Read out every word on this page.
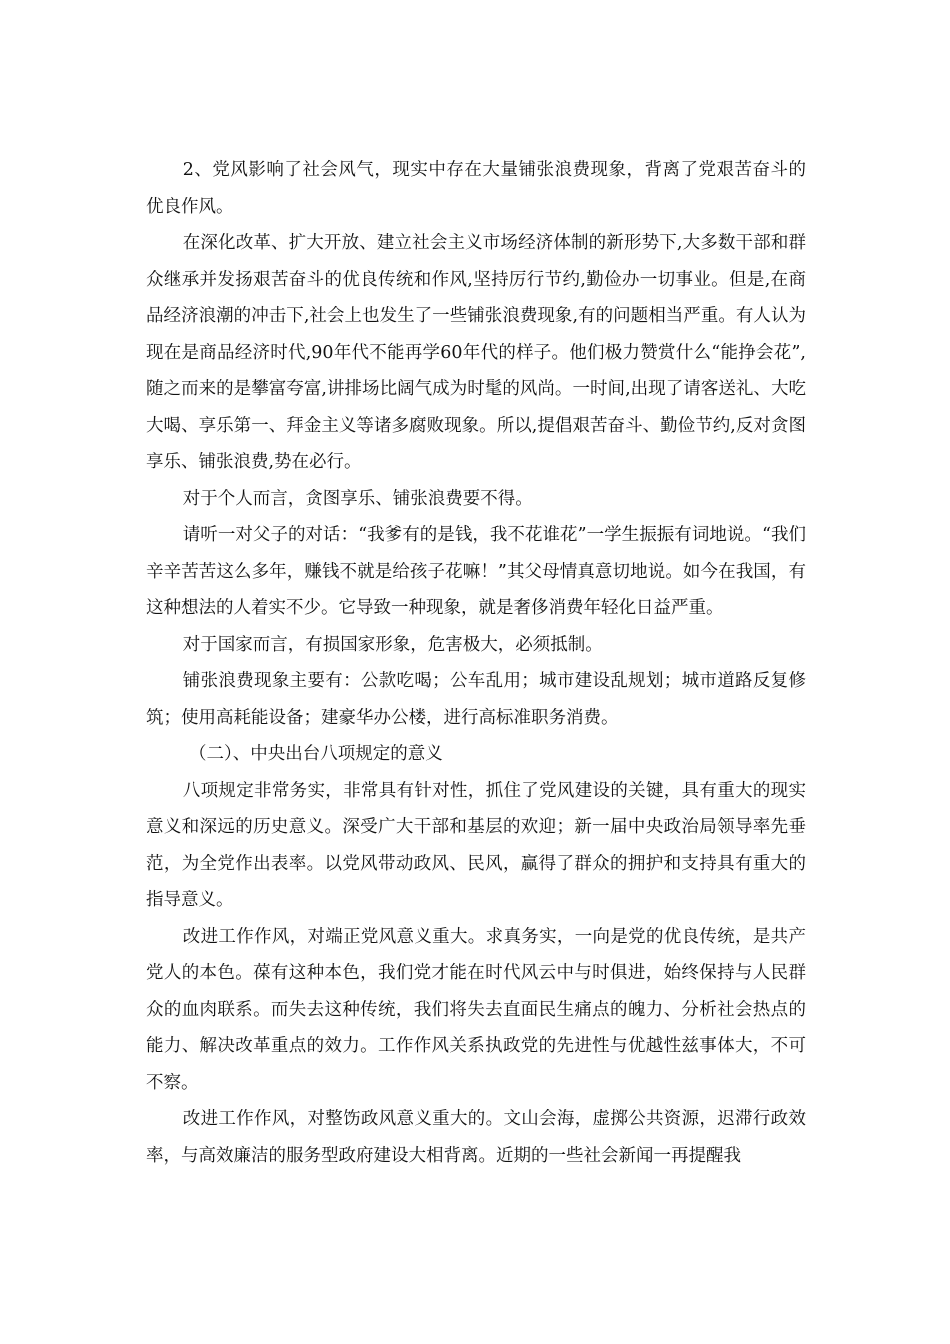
2、党风影响了社会风气，现实中存在大量铺张浪费现象，背离了党艰苦奋斗的优良作风。

在深化改革、扩大开放、建立社会主义市场经济体制的新形势下,大多数干部和群众继承并发扬艰苦奋斗的优良传统和作风,坚持厉行节约,勤俭办一切事业。但是,在商品经济浪潮的冲击下,社会上也发生了一些铺张浪费现象,有的问题相当严重。有人认为现在是商品经济时代,90年代不能再学60年代的样子。他们极力赞赏什么“能挣会花”,随之而来的是攀富夸富,讲排场比阔气成为时髦的风尚。一时间,出现了请客送礼、大吃大喝、享乐第一、拜金主义等诸多腐败现象。所以,提倡艰苦奋斗、勤俭节约,反对贪图享乐、铺张浪费,势在必行。

对于个人而言，贪图享乐、铺张浪费要不得。

请听一对父子的对话：“我爹有的是钱，我不花谁花”一学生振振有词地说。“我们辛辛苦苦这么多年，赚钱不就是给孩子花嘛！”其父母情真意切地说。如今在我国，有这种想法的人着实不少。它导致一种现象，就是奢侈消费年轻化日益严重。

对于国家而言，有损国家形象，危害极大，必须抵制。

铺张浪费现象主要有：公款吃喝；公车乱用；城市建设乱规划；城市道路反复修筑；使用高耗能设备；建豪华办公楼，进行高标准职务消费。

（二）、中央出台八项规定的意义

八项规定非常务实，非常具有针对性，抓住了党风建设的关键，具有重大的现实意义和深远的历史意义。深受广大干部和基层的欢迎；新一届中央政治局领导率先垂范，为全党作出表率。以党风带动政风、民风，赢得了群众的拥护和支持具有重大的指导意义。

改进工作作风，对端正党风意义重大。求真务实，一向是党的优良传统，是共产党人的本色。葆有这种本色，我们党才能在时代风云中与时俱进，始终保持与人民群众的血肉联系。而失去这种传统，我们将失去直面民生痛点的魄力、分析社会热点的能力、解决改革重点的效力。工作作风关系执政党的先进性与优越性兹事体大，不可不察。

改进工作作风，对整饬政风意义重大的。文山会海，虚掷公共资源，迟滞行政效率，与高效廉洁的服务型政府建设大相背离。近期的一些社会新闻一再提醒我
